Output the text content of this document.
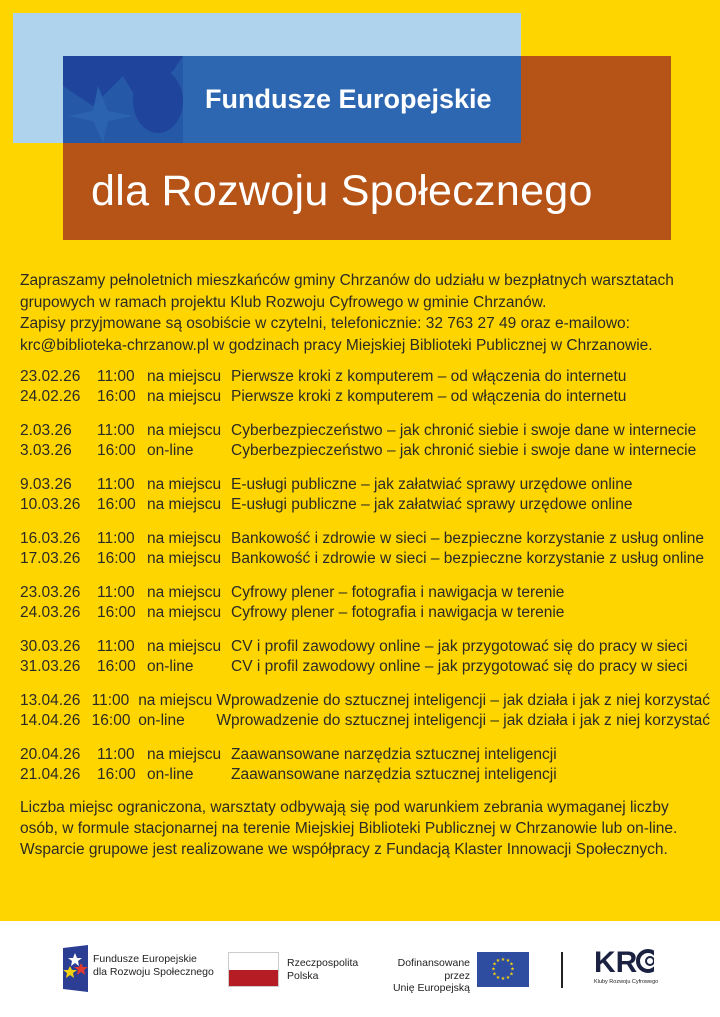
Fundusze Europejskie
dla Rozwoju Społecznego

Zapraszamy pełnoletnich mieszkańców gminy Chrzanów do udziału w bezpłatnych warsztatach grupowych w ramach projektu Klub Rozwoju Cyfrowego w gminie Chrzanów.

Zapisy przyjmowane są osobiście w czytelni, telefonicznie: 32 763 27 49 oraz e-mailowo: krc@biblioteka-chrzanow.pl w godzinach pracy Miejskiej Biblioteki Publicznej w Chrzanowie.

23.02.26	11:00 na miejscu Pierwsze kroki z komputerem – od włączenia do internetu
24.02.26	16:00 na miejscu Pierwsze kroki z komputerem – od włączenia do internetu
2.03.26	11:00 na miejscu Cyberbezpieczeństwo – jak chronić siebie i swoje dane w internecie
3.03.26	16:00 on-line	Cyberbezpieczeństwo – jak chronić siebie i swoje dane w internecie
9.03.26	11:00 na miejscu E-usługi publiczne – jak załatwiać sprawy urzędowe online
10.03.26	16:00 na miejscu E-usługi publiczne – jak załatwiać sprawy urzędowe online
16.03.26	11:00 na miejscu Bankowość i zdrowie w sieci – bezpieczne korzystanie z usług online
17.03.26	16:00 na miejscu Bankowość i zdrowie w sieci – bezpieczne korzystanie z usług online
23.03.26	11:00 na miejscu Cyfrowy plener – fotografia i nawigacja w terenie
24.03.26	16:00 na miejscu Cyfrowy plener – fotografia i nawigacja w terenie
30.03.26	11:00 na miejscu CV i profil zawodowy online – jak przygotować się do pracy w sieci
31.03.26	16:00 on-line	CV i profil zawodowy online – jak przygotować się do pracy w sieci
13.04.26 11:00 na miejscu Wprowadzenie do sztucznej inteligencji – jak działa i jak z niej korzystać
14.04.26 16:00 on-line	Wprowadzenie do sztucznej inteligencji – jak działa i jak z niej korzystać
20.04.26	11:00 na miejscu Zaawansowane narzędzia sztucznej inteligencji
21.04.26	16:00 on-line	Zaawansowane narzędzia sztucznej inteligencji
Liczba miejsc ograniczona, warsztaty odbywają się pod warunkiem zebrania wymaganej liczby osób, w formule stacjonarnej na terenie Miejskiej Biblioteki Publicznej w Chrzanowie lub on-line. Wsparcie grupowe jest realizowane we współpracy z Fundacją Klaster Innowacji Społecznych.
Fundusze Europejskie
dla Rozwoju Społecznego
Rzeczpospolita
Polska
Dofinansowane przez
Unię Europejską
★ ★
★
★
★
★
★
★
★
★
★
★	KR
Kluby Rozwoju Cyfrowego
